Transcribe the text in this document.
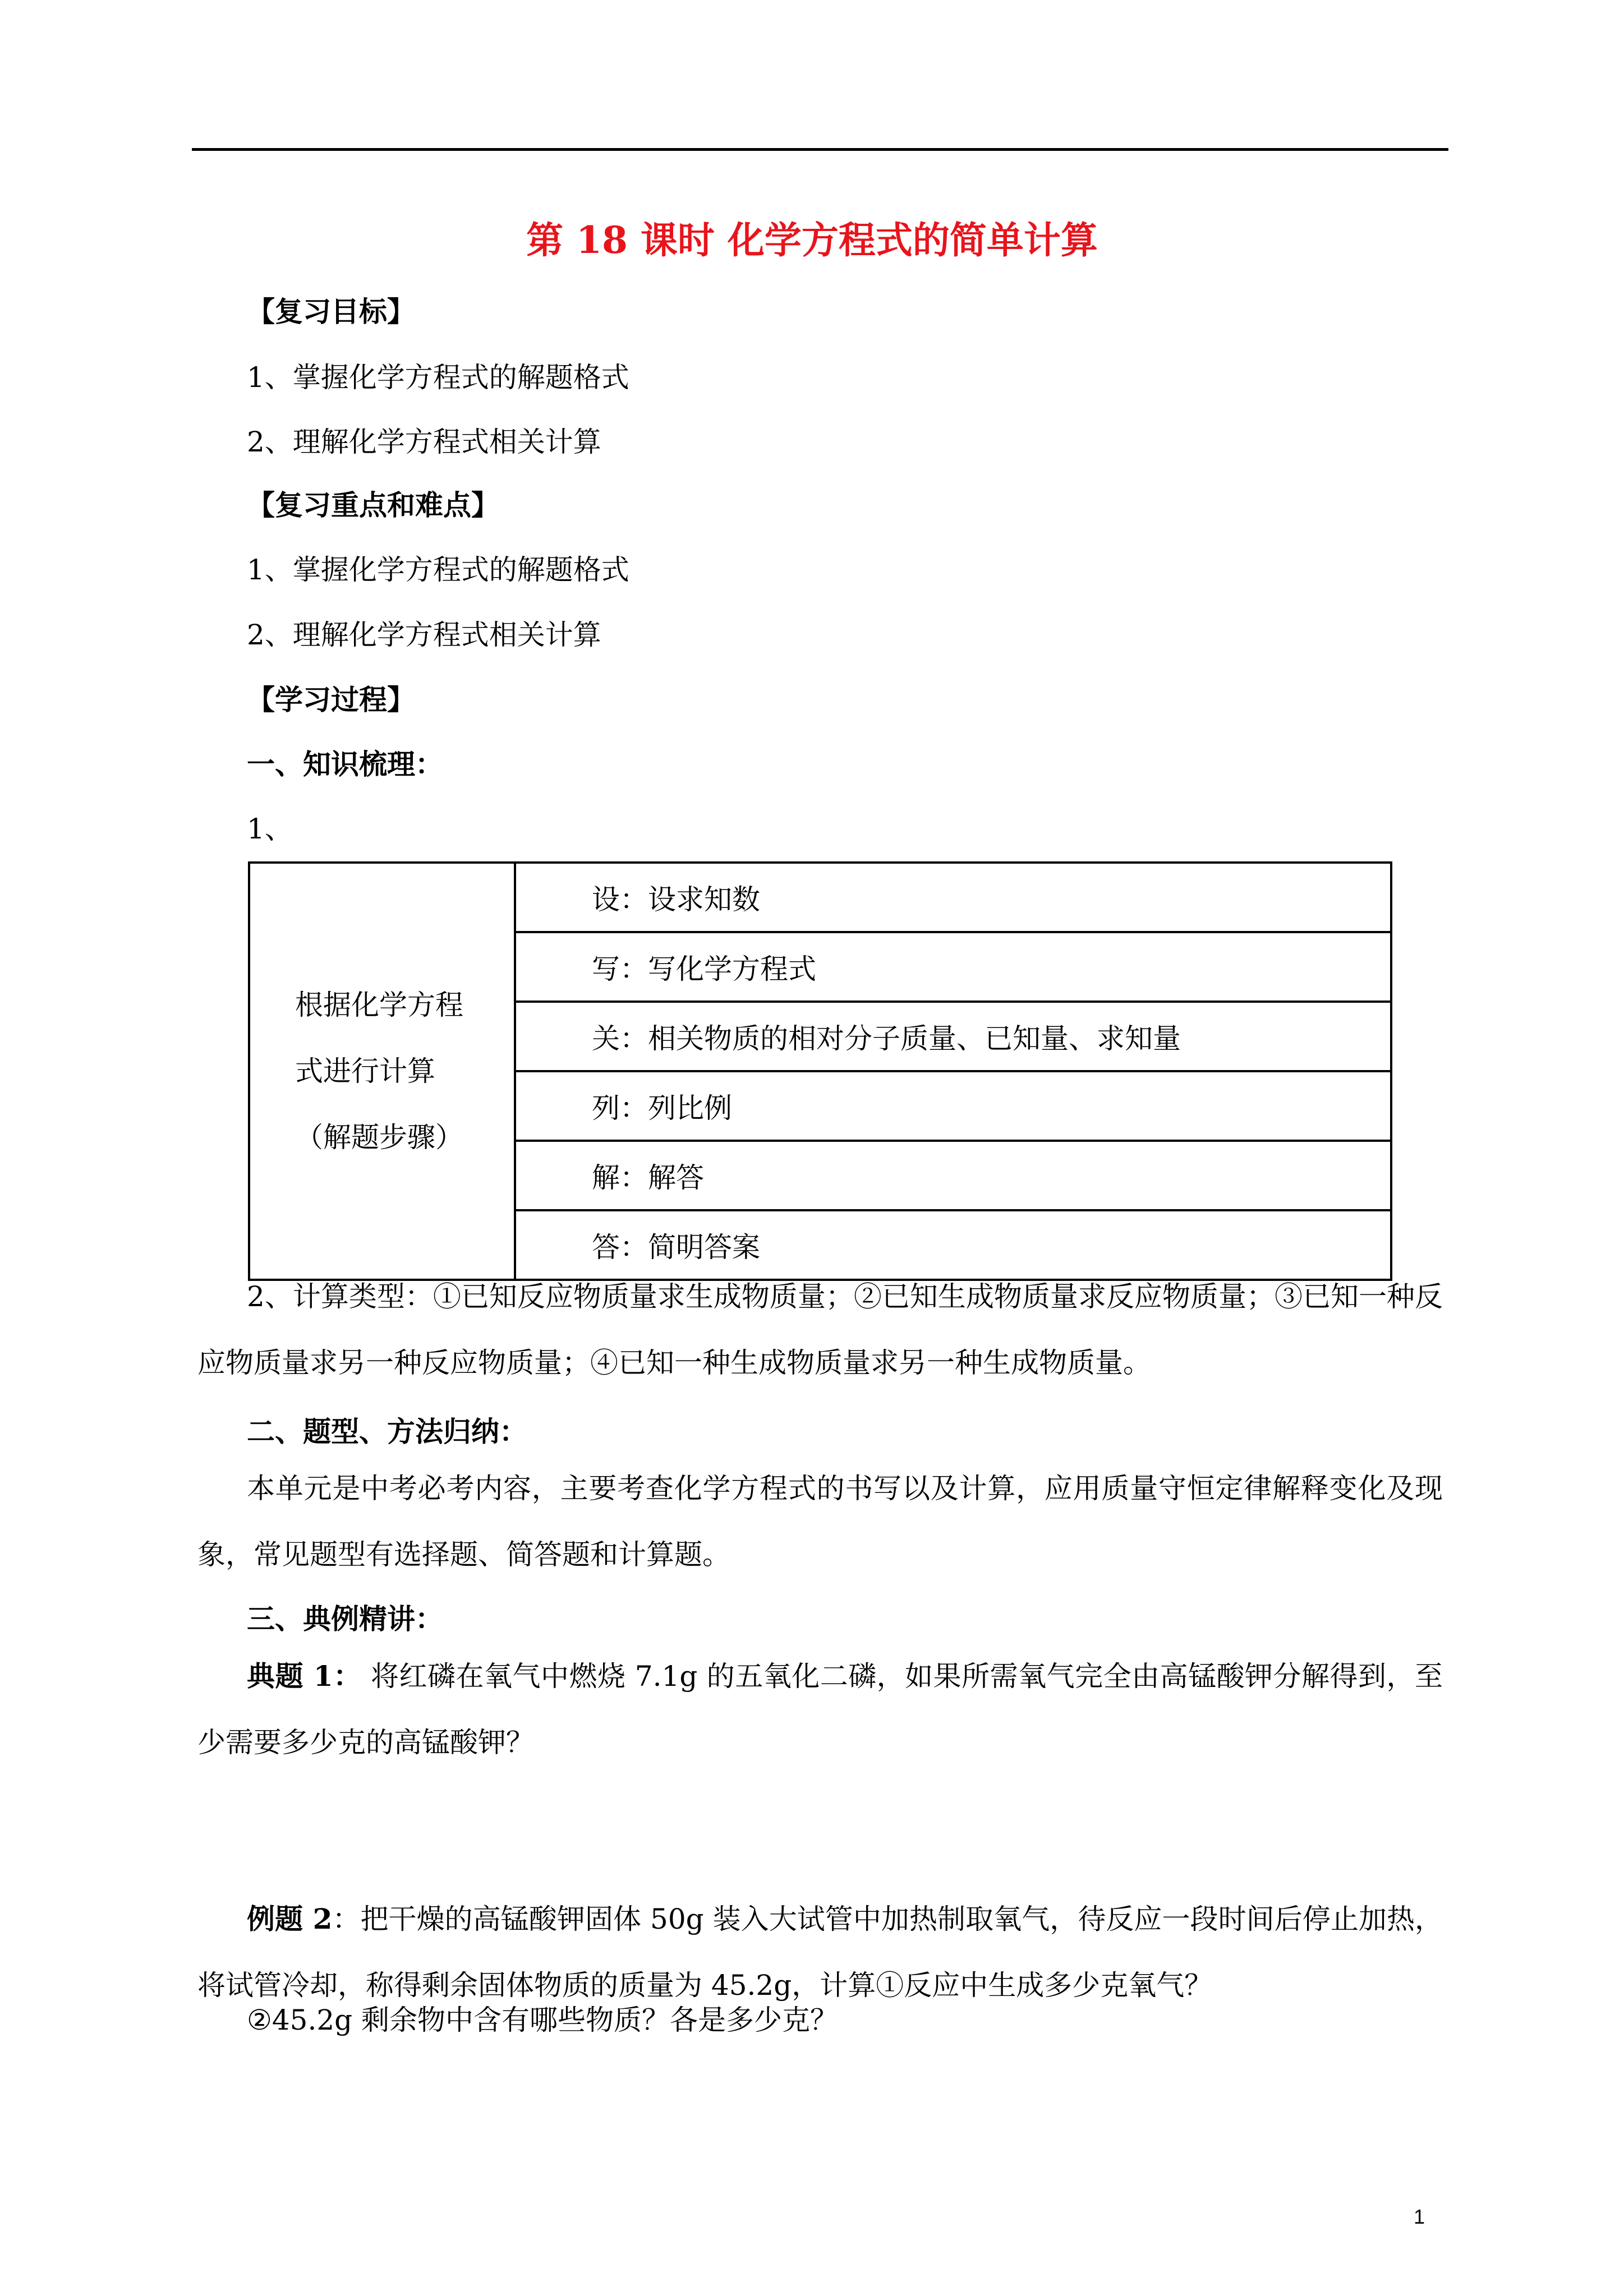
第 18 课时 化学方程式的简单计算
【复习目标】
1、掌握化学方程式的解题格式
2、理解化学方程式相关计算
【复习重点和难点】
1、掌握化学方程式的解题格式
2、理解化学方程式相关计算
【学习过程】
一、知识梳理：
1、
根据化学方程
式进行计算
（解题步骤）
	设：设求知数
写：写化学方程式
关：相关物质的相对分子质量、已知量、求知量
列：列比例
解：解答
答：简明答案

2、计算类型：①已知反应物质量求生成物质量；②已知生成物质量求反应物质量；③已知一种反应物质量求另一种反应物质量；④已知一种生成物质量求另一种生成物质量。

二、题型、方法归纳：

本单元是中考必考内容，主要考查化学方程式的书写以及计算，应用质量守恒定律解释变化及现象，常见题型有选择题、简答题和计算题。

三、典例精讲：

典题 1： 将红磷在氧气中燃烧 7.1g 的五氧化二磷，如果所需氧气完全由高锰酸钾分解得到，至少需要多少克的高锰酸钾？

例题 2：把干燥的高锰酸钾固体 50g 装入大试管中加热制取氧气，待反应一段时间后停止加热，将试管冷却，称得剩余固体物质的质量为 45.2g，计算①反应中生成多少克氧气？

②45.2g 剩余物中含有哪些物质？各是多少克？
1
